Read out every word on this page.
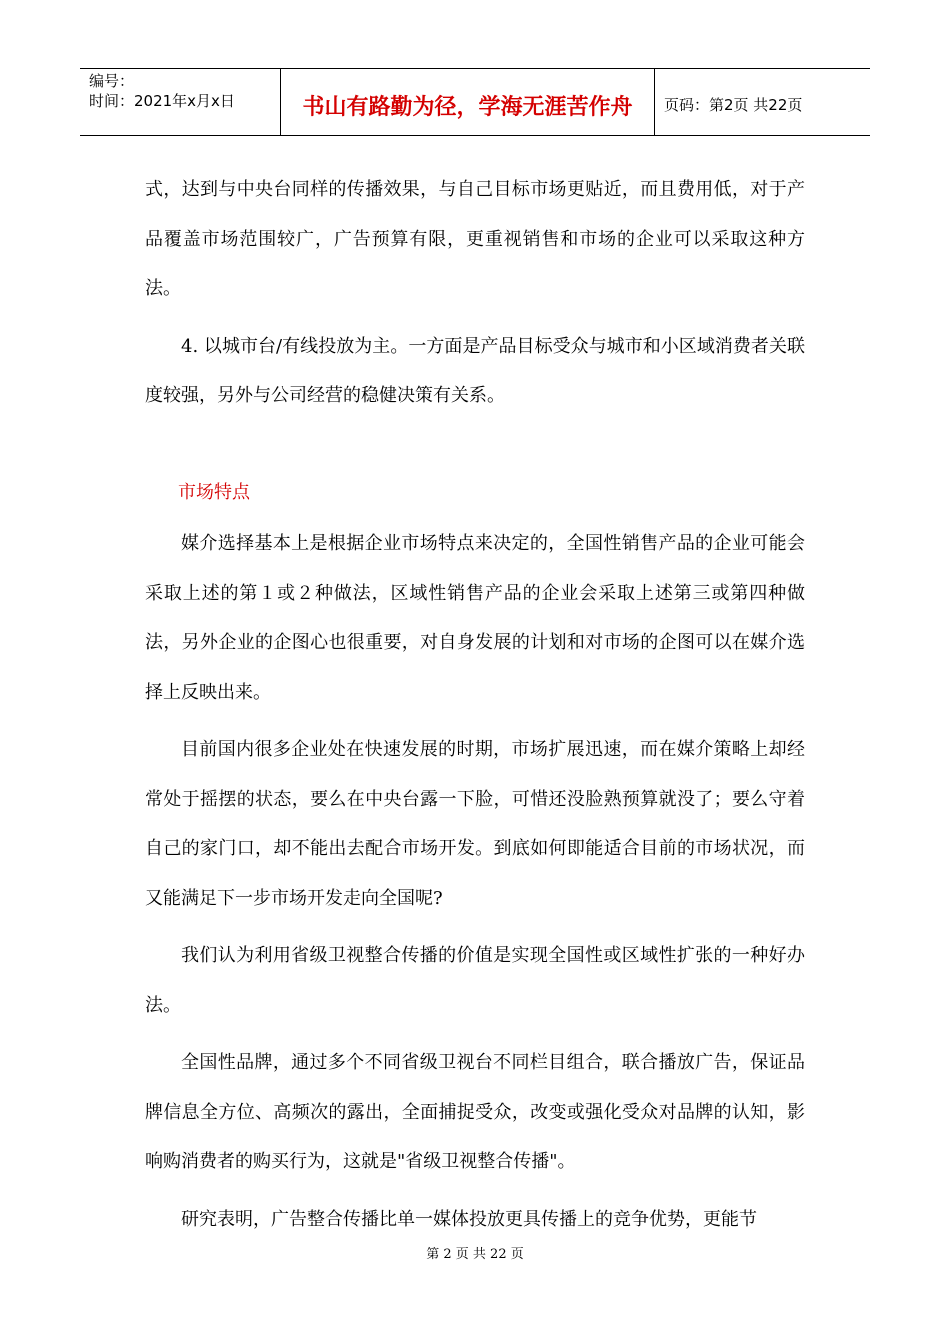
编号：
时间：2021年x月x日	书山有路勤为径，学海无涯苦作舟	页码：第2页 共22页

式，达到与中央台同样的传播效果，与自己目标市场更贴近，而且费用低，对于产品覆盖市场范围较广，广告预算有限，更重视销售和市场的企业可以采取这种方法。

4. 以城市台/有线投放为主。一方面是产品目标受众与城市和小区域消费者关联度较强，另外与公司经营的稳健决策有关系。

市场特点

媒介选择基本上是根据企业市场特点来决定的，全国性销售产品的企业可能会采取上述的第１或２种做法，区域性销售产品的企业会采取上述第三或第四种做法，另外企业的企图心也很重要，对自身发展的计划和对市场的企图可以在媒介选择上反映出来。

目前国内很多企业处在快速发展的时期，市场扩展迅速，而在媒介策略上却经常处于摇摆的状态，要么在中央台露一下脸，可惜还没脸熟预算就没了；要么守着自己的家门口，却不能出去配合市场开发。到底如何即能适合目前的市场状况，而又能满足下一步市场开发走向全国呢?

我们认为利用省级卫视整合传播的价值是实现全国性或区域性扩张的一种好办法。

全国性品牌，通过多个不同省级卫视台不同栏目组合，联合播放广告，保证品牌信息全方位、高频次的露出，全面捕捉受众，改变或强化受众对品牌的认知，影响购消费者的购买行为，这就是"省级卫视整合传播"。

研究表明，广告整合传播比单一媒体投放更具传播上的竞争优势，更能节

第 2 页 共 22 页
